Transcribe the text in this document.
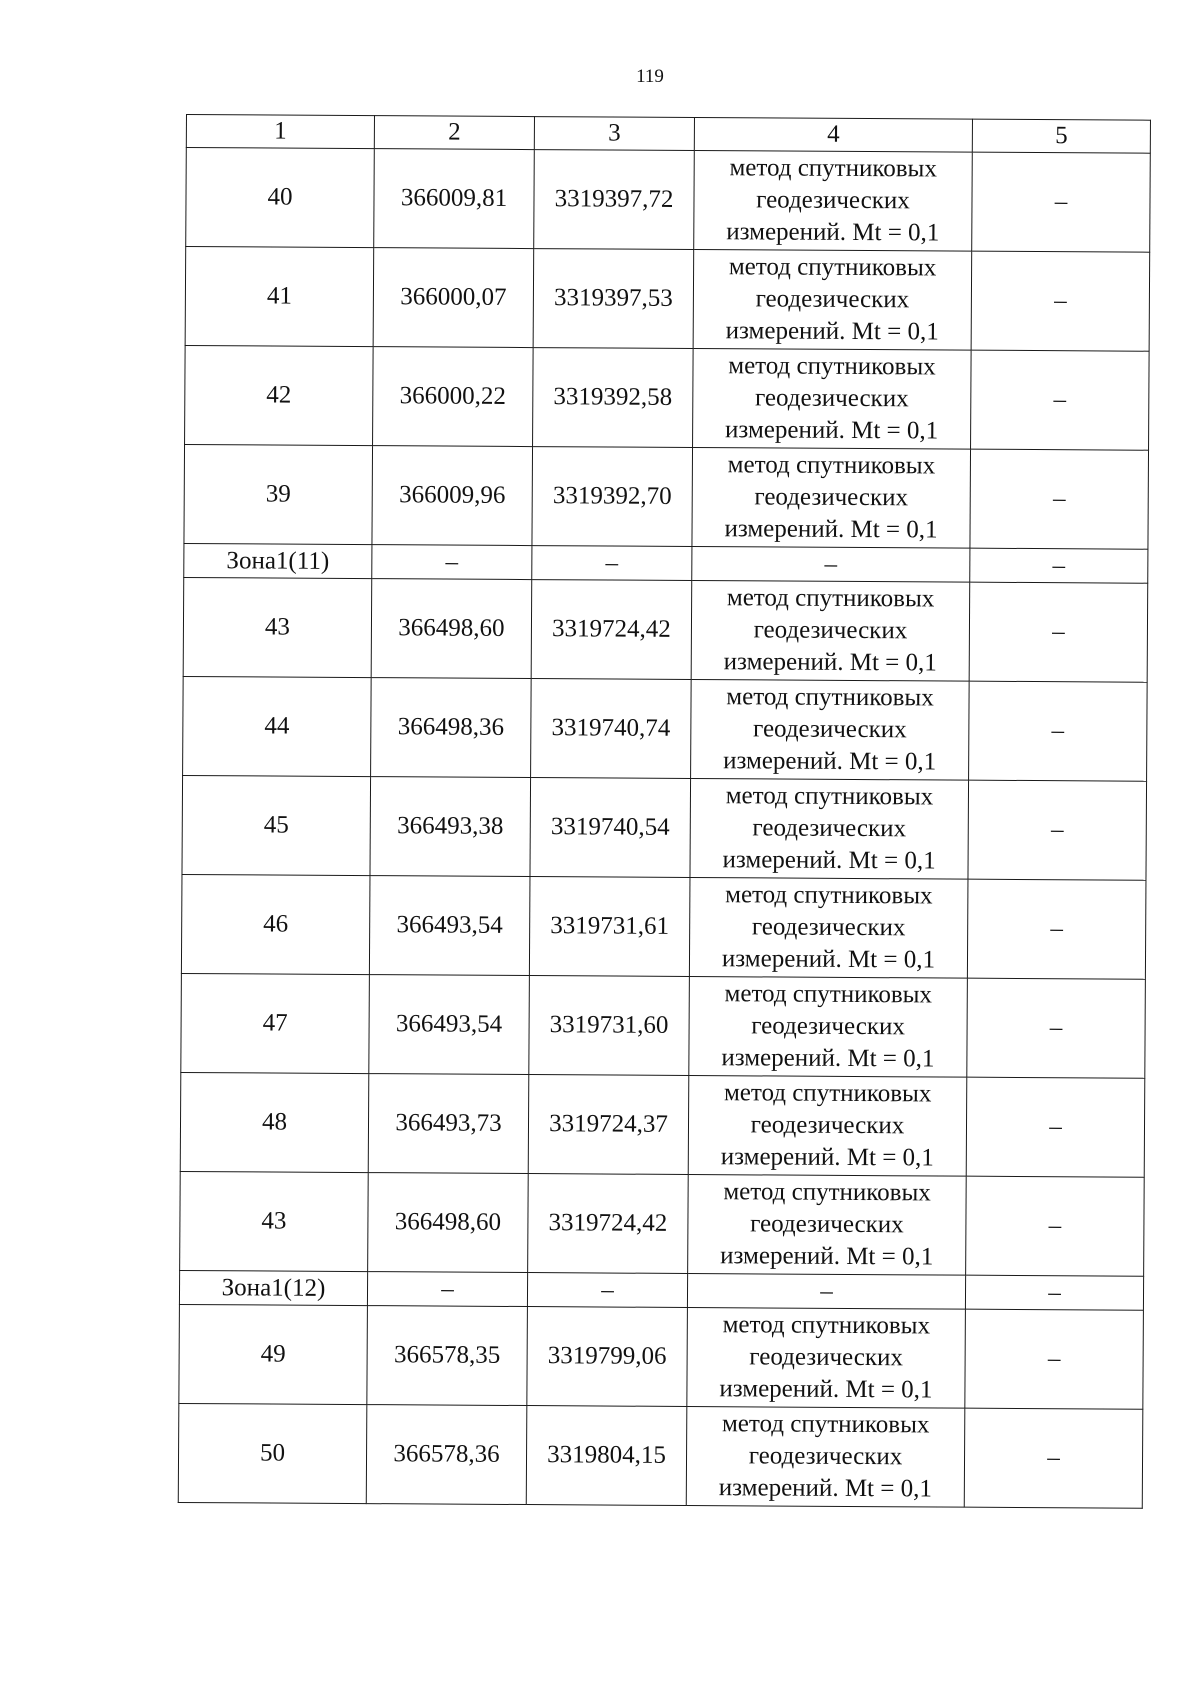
119
1	2	3	4	5
40	366009,81	3319397,72	метод спутниковых
геодезических
измерений. Mt = 0,1	–
41	366000,07	3319397,53	метод спутниковых
геодезических
измерений. Mt = 0,1	–
42	366000,22	3319392,58	метод спутниковых
геодезических
измерений. Mt = 0,1	–
39	366009,96	3319392,70	метод спутниковых
геодезических
измерений. Mt = 0,1	–
Зона1(11)	–	–	–	–
43	366498,60	3319724,42	метод спутниковых
геодезических
измерений. Mt = 0,1	–
44	366498,36	3319740,74	метод спутниковых
геодезических
измерений. Mt = 0,1	–
45	366493,38	3319740,54	метод спутниковых
геодезических
измерений. Mt = 0,1	–
46	366493,54	3319731,61	метод спутниковых
геодезических
измерений. Mt = 0,1	–
47	366493,54	3319731,60	метод спутниковых
геодезических
измерений. Mt = 0,1	–
48	366493,73	3319724,37	метод спутниковых
геодезических
измерений. Mt = 0,1	–
43	366498,60	3319724,42	метод спутниковых
геодезических
измерений. Mt = 0,1	–
Зона1(12)	–	–	–	–
49	366578,35	3319799,06	метод спутниковых
геодезических
измерений. Mt = 0,1	–
50	366578,36	3319804,15	метод спутниковых
геодезических
измерений. Mt = 0,1	–
